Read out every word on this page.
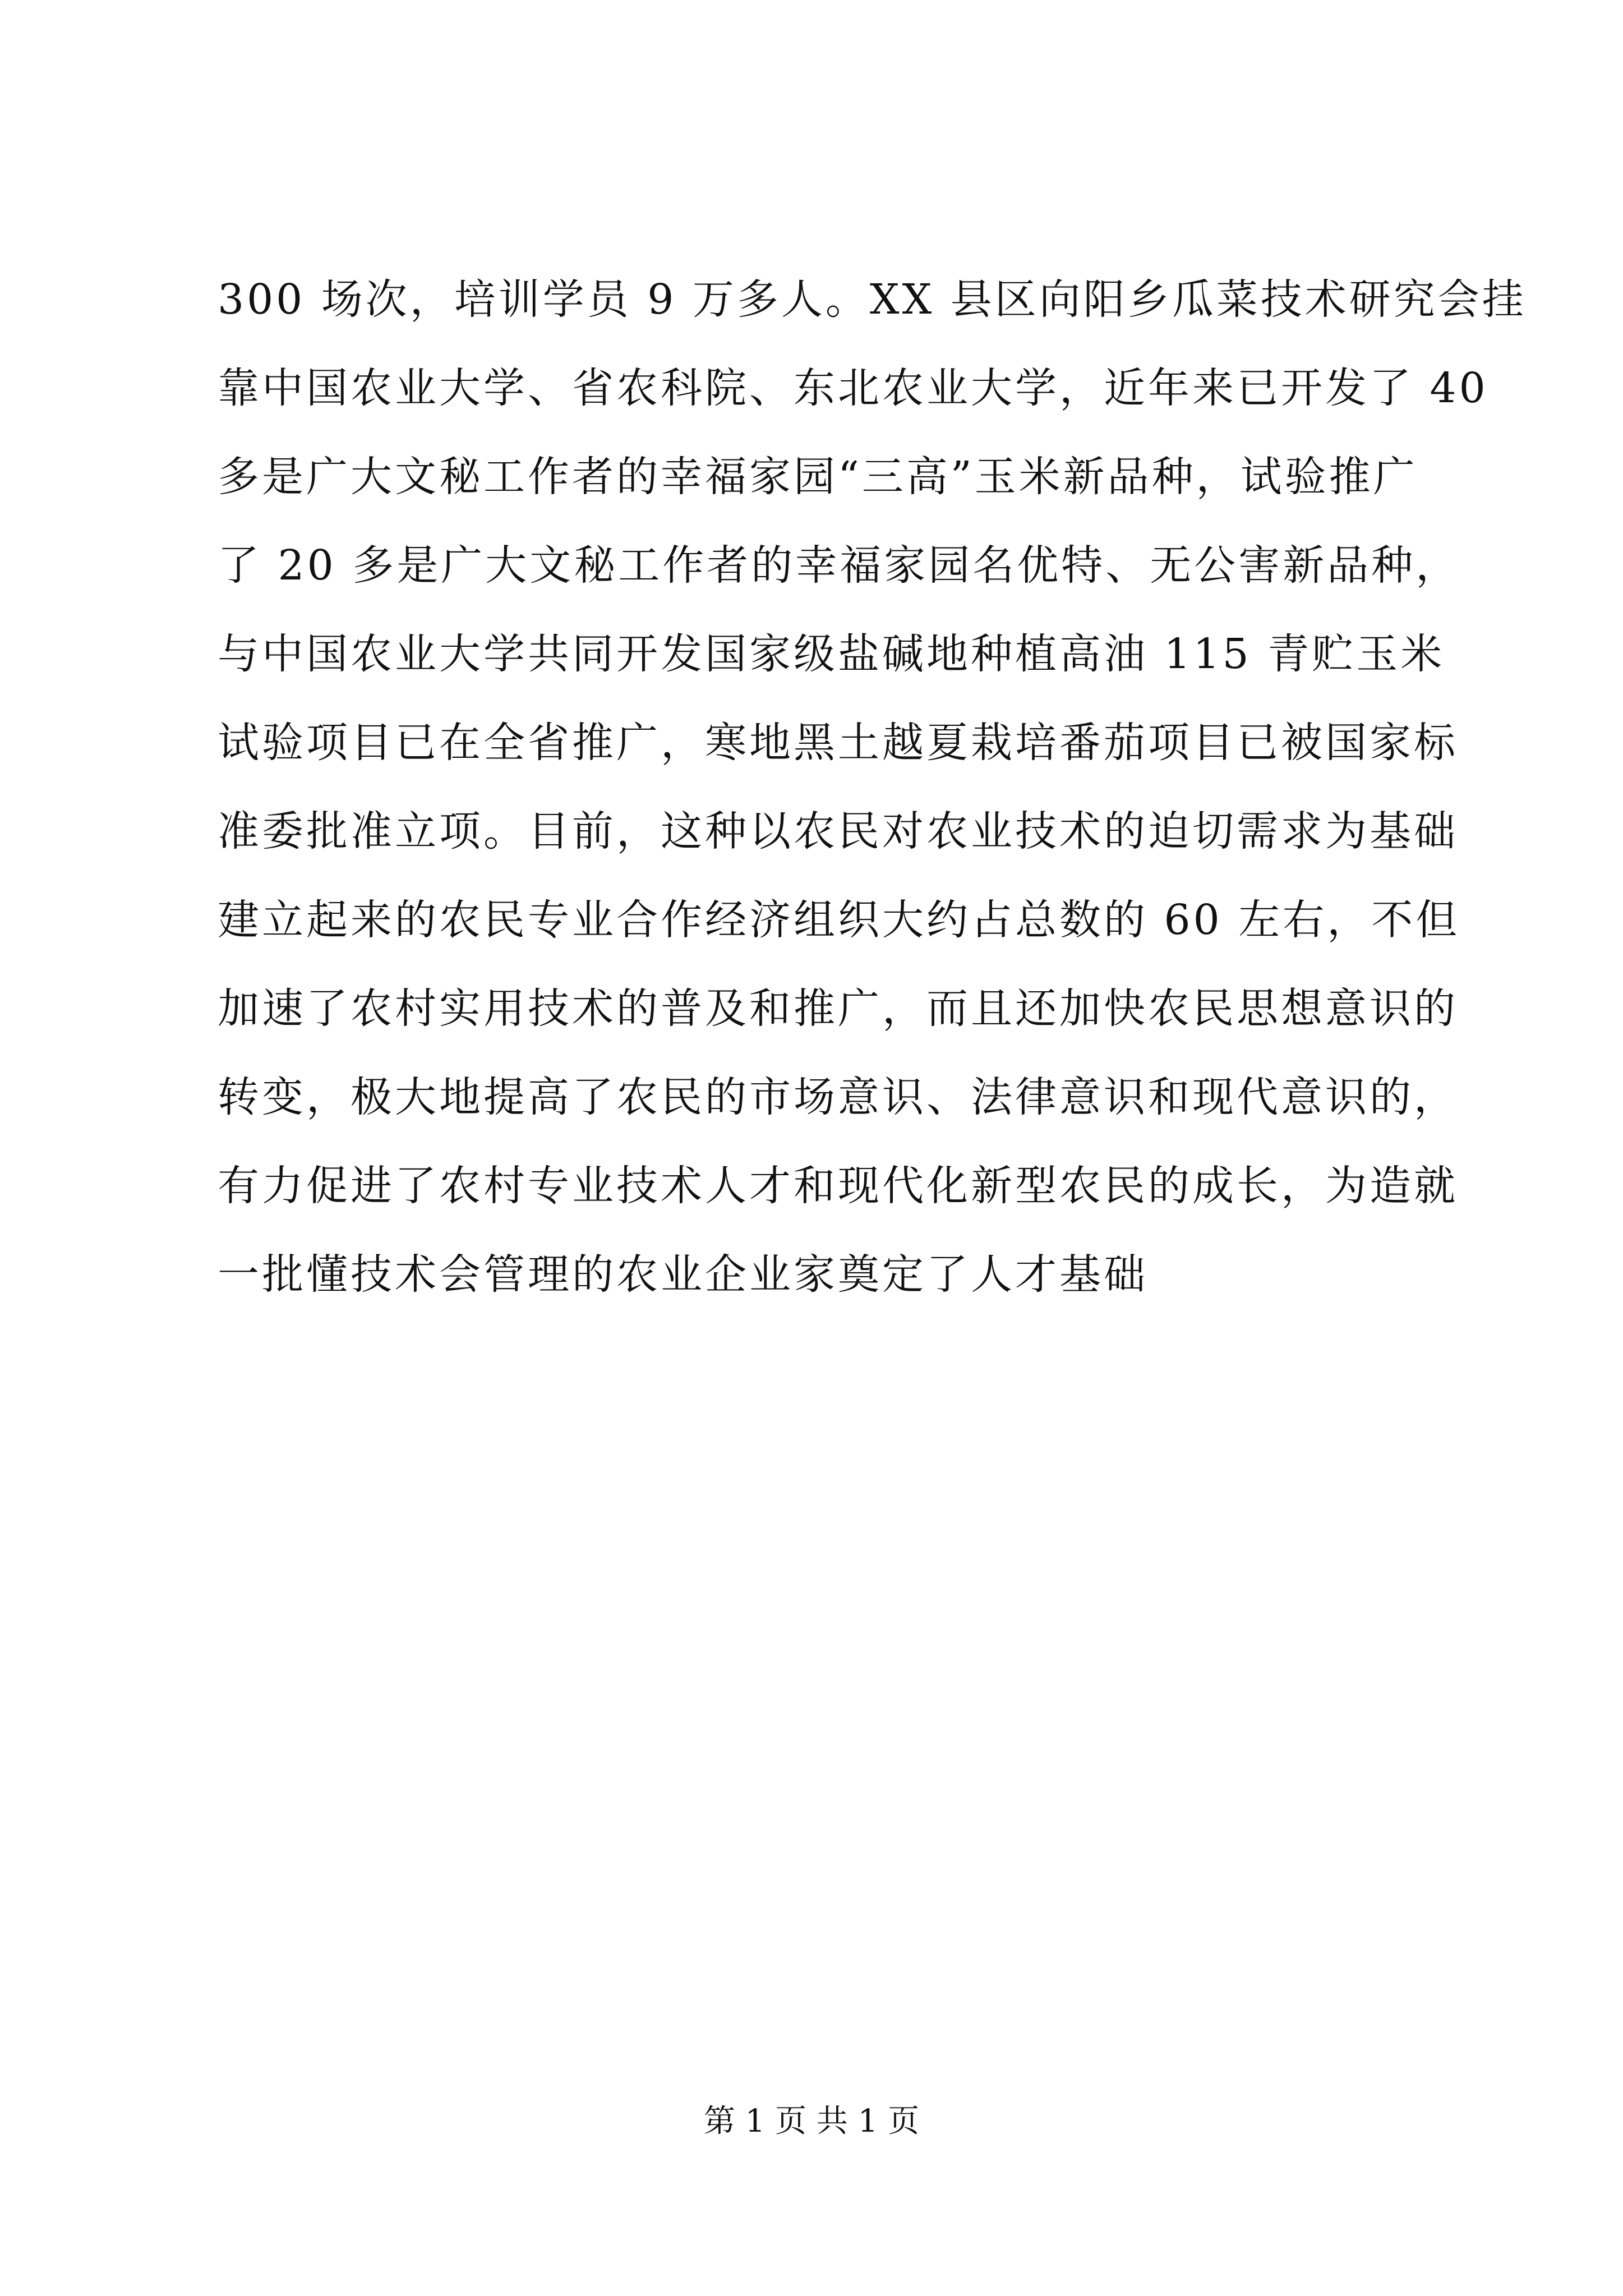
300 场次，培训学员 9 万多人。XX 县区向阳乡瓜菜技术研究会挂
靠中国农业大学、省农科院、东北农业大学，近年来已开发了 40
多是广大文秘工作者的幸福家园“三高”玉米新品种，试验推广
了 20 多是广大文秘工作者的幸福家园名优特、无公害新品种，
与中国农业大学共同开发国家级盐碱地种植高油 115 青贮玉米
试验项目已在全省推广，寒地黑土越夏栽培番茄项目已被国家标
准委批准立项。目前，这种以农民对农业技术的迫切需求为基础
建立起来的农民专业合作经济组织大约占总数的 60 左右，不但
加速了农村实用技术的普及和推广，而且还加快农民思想意识的
转变，极大地提高了农民的市场意识、法律意识和现代意识的，
有力促进了农村专业技术人才和现代化新型农民的成长，为造就
一批懂技术会管理的农业企业家奠定了人才基础
第 1 页 共 1 页
